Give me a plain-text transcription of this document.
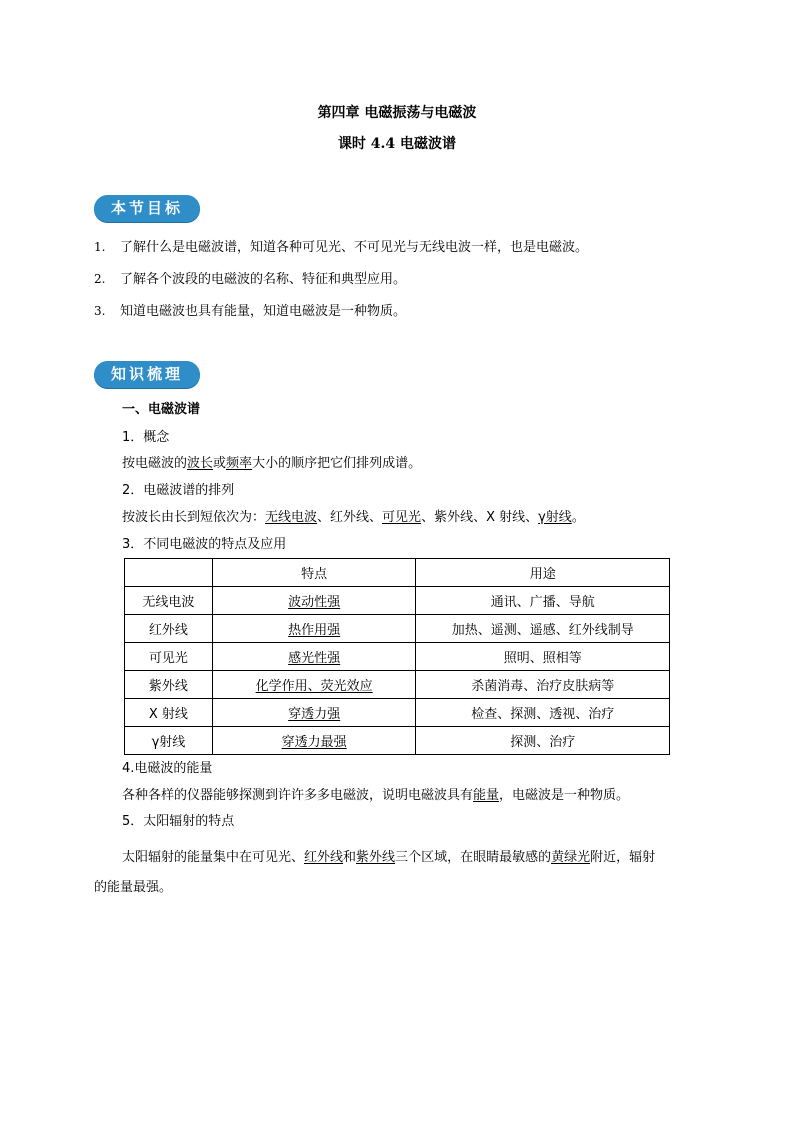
第四章 电磁振荡与电磁波
课时 4.4 电磁波谱
本节目标
1. 了解什么是电磁波谱，知道各种可见光、不可见光与无线电波一样，也是电磁波。
2. 了解各个波段的电磁波的名称、特征和典型应用。
3. 知道电磁波也具有能量，知道电磁波是一种物质。
知识梳理
一、电磁波谱
1．概念
按电磁波的波长或频率大小的顺序把它们排列成谱。
2．电磁波谱的排列
按波长由长到短依次为：无线电波、红外线、可见光、紫外线、X 射线、γ射线。
3．不同电磁波的特点及应用
	特点	用途
无线电波	波动性强	通讯、广播、导航
红外线	热作用强	加热、遥测、遥感、红外线制导
可见光	感光性强	照明、照相等
紫外线	化学作用、荧光效应	杀菌消毒、治疗皮肤病等
X 射线	穿透力强	检查、探测、透视、治疗
γ射线	穿透力最强	探测、治疗
4.电磁波的能量
各种各样的仪器能够探测到许许多多电磁波，说明电磁波具有能量，电磁波是一种物质。
5．太阳辐射的特点
太阳辐射的能量集中在可见光、红外线和紫外线三个区域，在眼睛最敏感的黄绿光附近，辐射
的能量最强。
